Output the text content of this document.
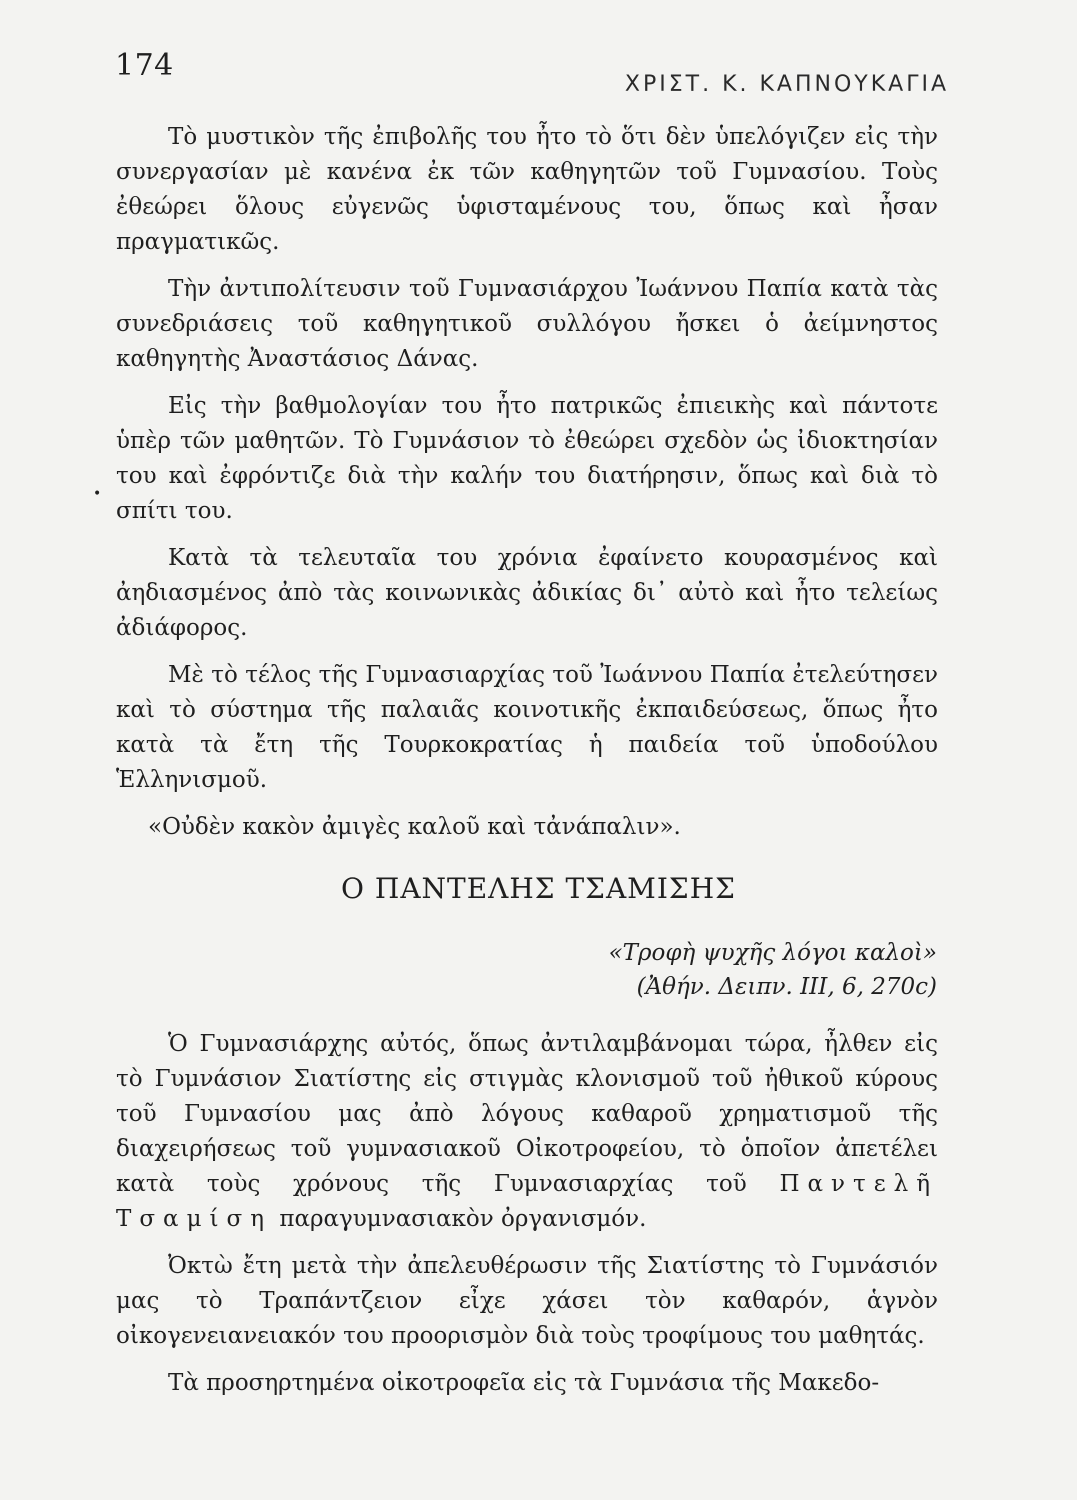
174
ΧΡΙΣΤ. Κ. ΚΑΠΝΟΥΚΑΓΙΑ
•

Τὸ μυστικὸν τῆς ἐπιβολῆς του ἦτο τὸ ὅτι δὲν ὑπελόγιζεν εἰς τὴν συνεργασίαν μὲ κανένα ἐκ τῶν καθηγητῶν τοῦ Γυμνασίου. Τοὺς ἐθεώρει ὅλους εὐγενῶς ὑφισταμένους του, ὅπως καὶ ἦσαν πραγματικῶς.

Τὴν ἀντιπολίτευσιν τοῦ Γυμνασιάρχου Ἰωάννου Παπία κατὰ τὰς συνεδριάσεις τοῦ καθηγητικοῦ συλλόγου ἤσκει ὁ ἀείμνηστος καθηγητὴς Ἀναστάσιος Δάνας.

Εἰς τὴν βαθμολογίαν του ἦτο πατρικῶς ἐπιεικὴς καὶ πάντοτε ὑπὲρ τῶν μαθητῶν. Τὸ Γυμνάσιον τὸ ἐθεώρει σχεδὸν ὡς ἰδιοκτησίαν του καὶ ἐφρόντιζε διὰ τὴν καλήν του διατήρησιν, ὅπως καὶ διὰ τὸ σπίτι του.

Κατὰ τὰ τελευταῖα του χρόνια ἐφαίνετο κουρασμένος καὶ ἀηδιασμένος ἀπὸ τὰς κοινωνικὰς ἀδικίας δι᾽ αὐτὸ καὶ ἦτο τελείως ἀδιάφορος.

Μὲ τὸ τέλος τῆς Γυμνασιαρχίας τοῦ Ἰωάννου Παπία ἐτελεύτησεν καὶ τὸ σύστημα τῆς παλαιᾶς κοινοτικῆς ἐκπαιδεύσεως, ὅπως ἦτο κατὰ τὰ ἔτη τῆς Τουρκοκρατίας ἡ παιδεία τοῦ ὑποδούλου Ἑλληνισμοῦ.

«Οὐδὲν κακὸν ἀμιγὲς καλοῦ καὶ τἀνάπαλιν».

Ο ΠΑΝΤΕΛΗΣ ΤΣΑΜΙΣΗΣ
«Τροφὴ ψυχῆς λόγοι καλοὶ»
(Ἀθήν. Δειπν. ΙΙΙ, 6, 270c)

Ὁ Γυμνασιάρχης αὐτός, ὅπως ἀντιλαμβάνομαι τώρα, ἦλθεν εἰς τὸ Γυμνάσιον Σιατίστης εἰς στιγμὰς κλονισμοῦ τοῦ ἠθικοῦ κύρους τοῦ Γυμνασίου μας ἀπὸ λόγους καθαροῦ χρηματισμοῦ τῆς διαχειρήσεως τοῦ γυμνασιακοῦ Οἰκοτροφείου, τὸ ὁποῖον ἀπετέλει κατὰ τοὺς χρόνους τῆς Γυμνασιαρχίας τοῦ Παντελῆ Τσαμίση παραγυμνασιακὸν ὀργανισμόν.

Ὀκτὼ ἔτη μετὰ τὴν ἀπελευθέρωσιν τῆς Σιατίστης τὸ Γυμνάσιόν μας τὸ Τραπάντζειον εἶχε χάσει τὸν καθαρόν, ἁγνὸν οἰκογενειανειακόν του προορισμὸν διὰ τοὺς τροφίμους του μαθητάς.

Τὰ προσηρτημένα οἰκοτροφεῖα εἰς τὰ Γυμνάσια τῆς Μακεδο-
